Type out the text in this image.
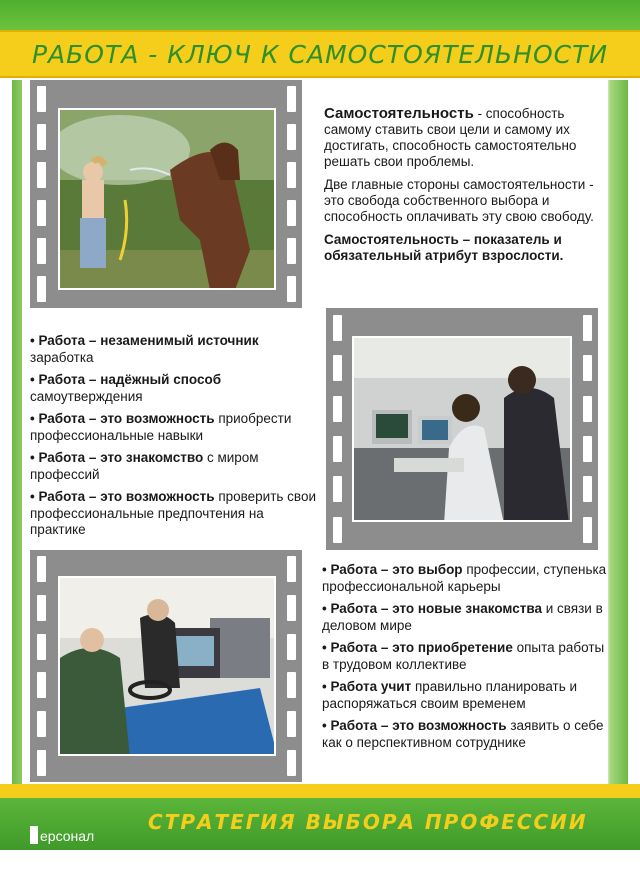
РАБОТА - КЛЮЧ К САМОСТОЯТЕЛЬНОСТИ

Самостоятельность - способность самому ставить свои цели и самому их достигать, способность самостоятельно решать свои проблемы.

Две главные стороны самостоятельности - это свобода собственного выбора и способность оплачивать эту свою свободу.

Самостоятельность – показатель и обязательный атрибут взрослости.

• Работа – незаменимый источник заработка
• Работа – надёжный способ самоутверждения
• Работа – это возможность приобрести профессиональные навыки
• Работа – это знакомство с миром профессий
• Работа – это возможность проверить свои профессиональные предпочтения на практике
• Работа – это выбор профессии, ступенька профессиональной карьеры
• Работа – это новые знакомства и связи в деловом мире
• Работа – это приобретение опыта работы в трудовом коллективе
• Работа учит правильно планировать и распоряжаться своим временем
• Работа – это возможность заявить о себе как о перспективном сотруднике
СТРАТЕГИЯ ВЫБОРА ПРОФЕССИИ
ерсонал
